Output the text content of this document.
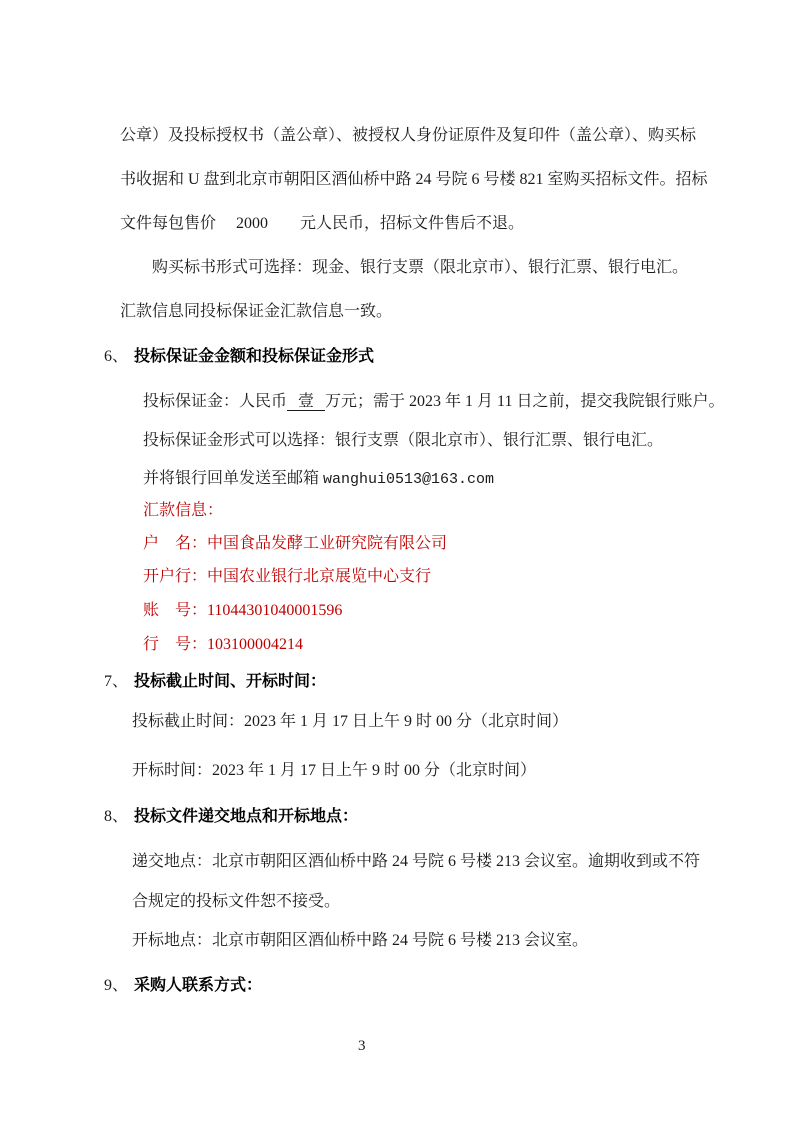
公章）及投标授权书（盖公章）、被授权人身份证原件及复印件（盖公章）、购买标
书收据和 U 盘到北京市朝阳区酒仙桥中路 24 号院 6 号楼 821 室购买招标文件。招标
文件每包售价　 2000　　元人民币，招标文件售后不退。
购买标书形式可选择：现金、银行支票（限北京市）、银行汇票、银行电汇。
汇款信息同投标保证金汇款信息一致。
6、 投标保证金金额和投标保证金形式
投标保证金：人民币 壹 万元；需于 2023 年 1 月 11 日之前，提交我院银行账户。
投标保证金形式可以选择：银行支票（限北京市）、银行汇票、银行电汇。
并将银行回单发送至邮箱 wanghui0513@163.com
汇款信息：
户　名：中国食品发酵工业研究院有限公司
开户行：中国农业银行北京展览中心支行
账　号：11044301040001596
行　号：103100004214
7、 投标截止时间、开标时间：
投标截止时间：2023 年 1 月 17 日上午 9 时 00 分（北京时间）
开标时间：2023 年 1 月 17 日上午 9 时 00 分（北京时间）
8、 投标文件递交地点和开标地点：
递交地点：北京市朝阳区酒仙桥中路 24 号院 6 号楼 213 会议室。逾期收到或不符
合规定的投标文件恕不接受。
开标地点：北京市朝阳区酒仙桥中路 24 号院 6 号楼 213 会议室。
9、 采购人联系方式：
3
